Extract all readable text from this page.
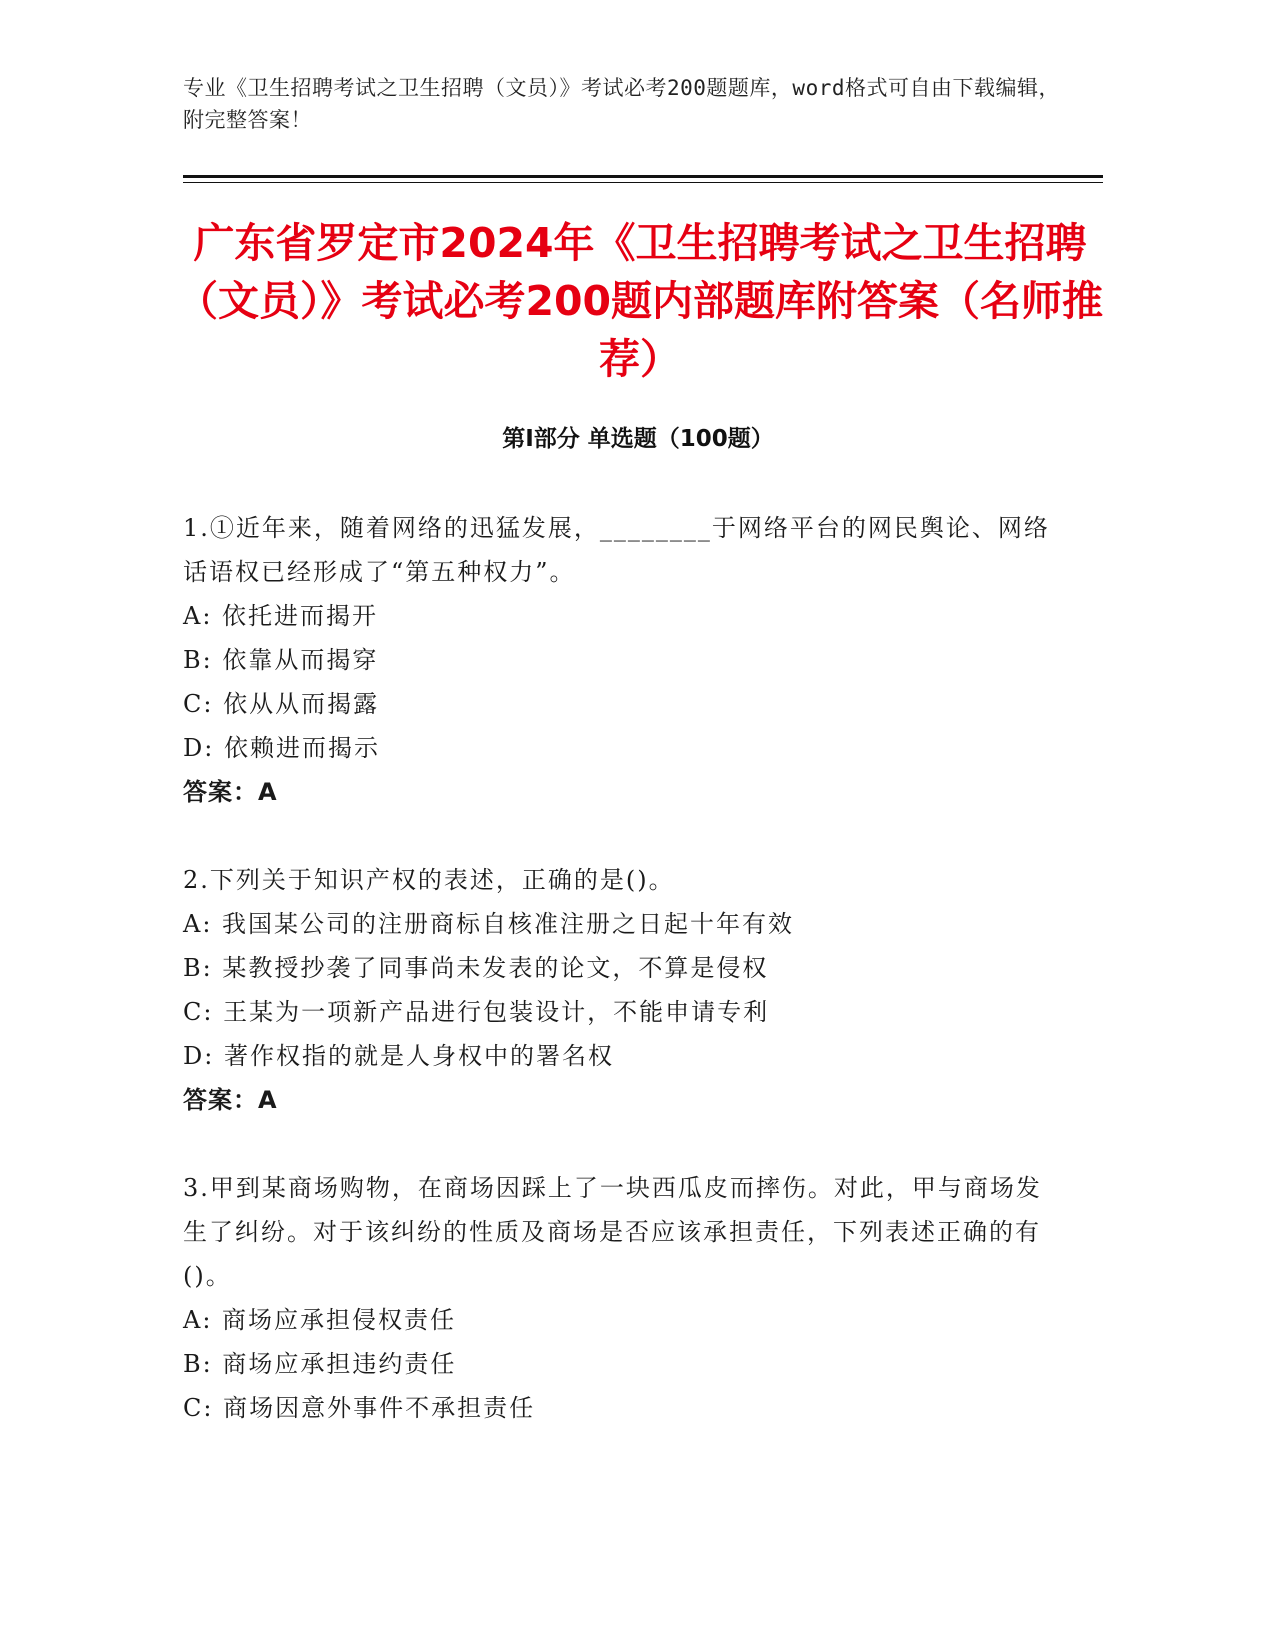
专业《卫生招聘考试之卫生招聘（文员）》考试必考200题题库，word格式可自由下载编辑，附完整答案！
广东省罗定市2024年《卫生招聘考试之卫生招聘（文员）》考试必考200题内部题库附答案（名师推荐）
第Ⅰ部分 单选题（100题）

1.①近年来，随着网络的迅猛发展，________于网络平台的网民舆论、网络话语权已经形成了“第五种权力”。

A: 依托进而揭开

B: 依靠从而揭穿

C: 依从从而揭露

D: 依赖进而揭示

答案：A

2.下列关于知识产权的表述，正确的是()。

A: 我国某公司的注册商标自核准注册之日起十年有效

B: 某教授抄袭了同事尚未发表的论文，不算是侵权

C: 王某为一项新产品进行包装设计，不能申请专利

D: 著作权指的就是人身权中的署名权

答案：A

3.甲到某商场购物，在商场因踩上了一块西瓜皮而摔伤。对此，甲与商场发生了纠纷。对于该纠纷的性质及商场是否应该承担责任，下列表述正确的有()。

A: 商场应承担侵权责任

B: 商场应承担违约责任

C: 商场因意外事件不承担责任
